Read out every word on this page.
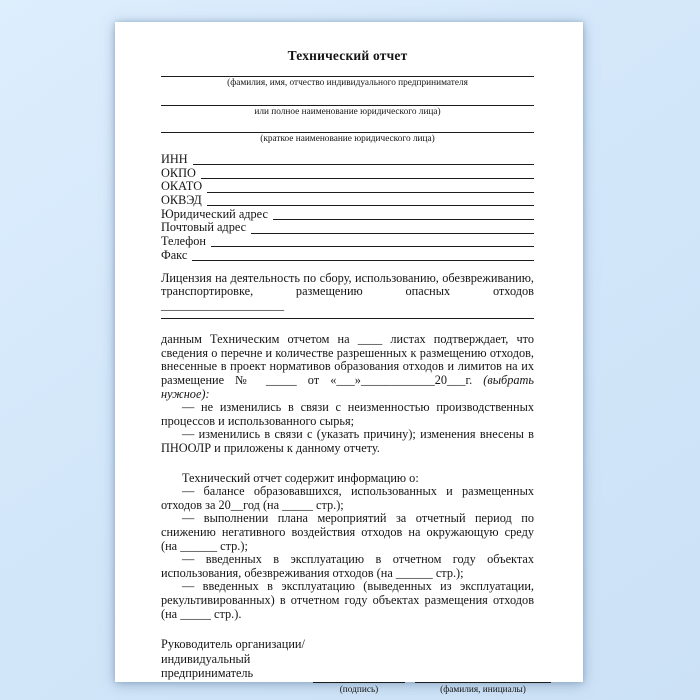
Технический отчет
(фамилия, имя, отчество индивидуального предпринимателя
или полное наименование юридического лица)
(краткое наименование юридического лица)
ИНН
ОКПО
ОКАТО
ОКВЭД
Юридический адрес
Почтовый адрес
Телефон
Факс

Лицензия на деятельность по сбору, использованию, обезвреживанию, транспортировке, размещению опасных отходов ____________________

данным Техническим отчетом на ____ листах подтверждает, что сведения о перечне и количестве разрешенных к размещению отходов, внесенные в проект нормативов образования отходов и лимитов на их размещение № _____ от «___»____________20___г. (выбрать нужное):

— не изменились в связи с неизменностью производственных процессов и использованного сырья;

— изменились в связи с (указать причину); изменения внесены в ПНООЛР и приложены к данному отчету.

Технический отчет содержит информацию о:

— балансе образовавшихся, использованных и размещенных отходов за 20__год (на _____ стр.);

— выполнении плана мероприятий за отчетный период по снижению негативного воздействия отходов на окружающую среду (на ______ стр.);

— введенных в эксплуатацию в отчетном году объектах использования, обезвреживания отходов (на ______ стр.);

— введенных в эксплуатацию (выведенных из эксплуатации, рекультивированных) в отчетном году объектах размещения отходов (на _____ стр.).

Руководитель организации/
индивидуальный
предприниматель
(подпись)	(фамилия, инициалы)
